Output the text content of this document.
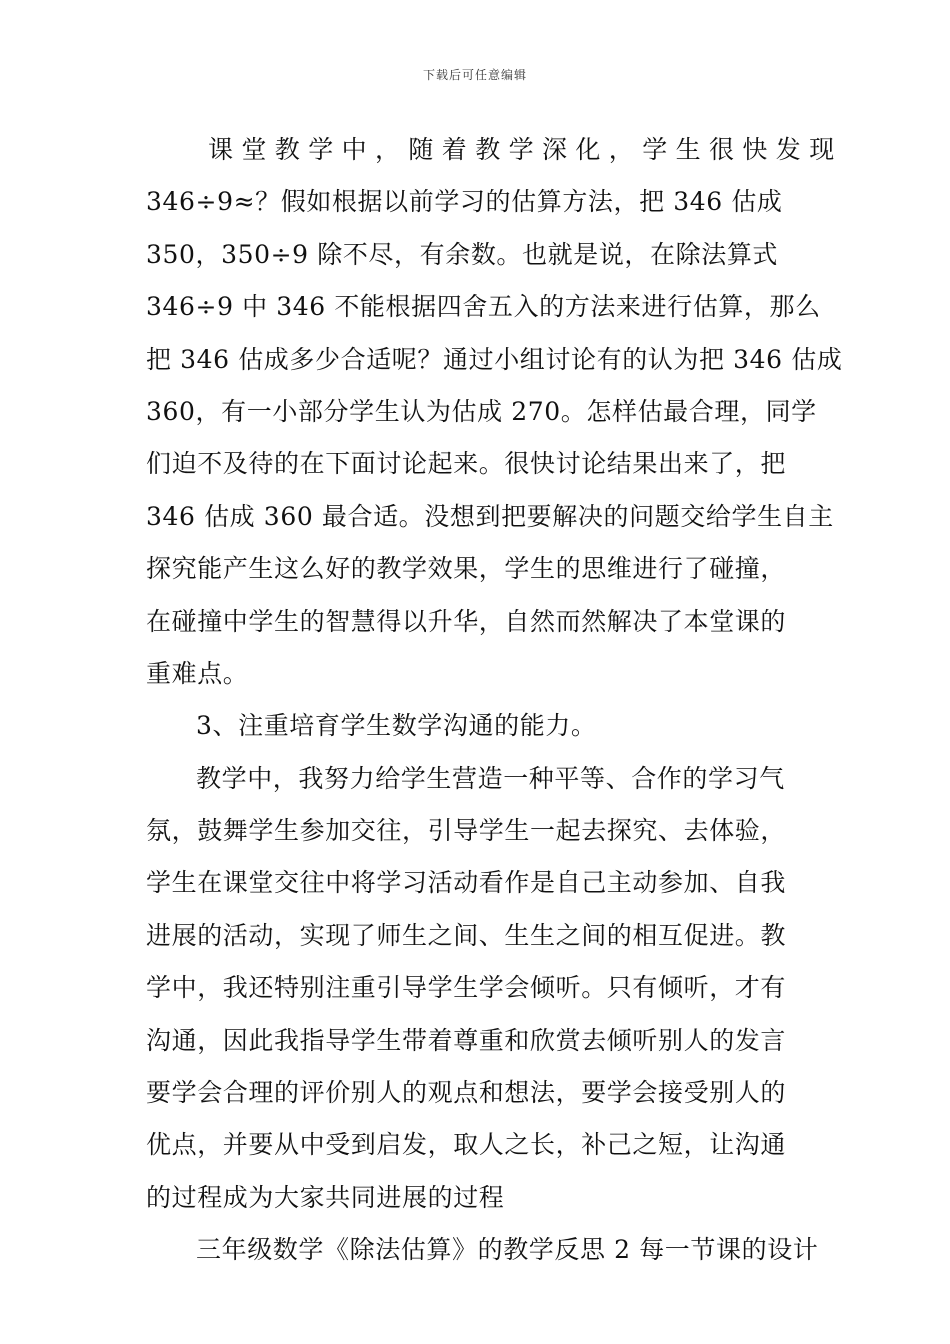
下载后可任意编辑
课堂教学中，随着教学深化，学生很快发现
346÷9≈？假如根据以前学习的估算方法，把 346 估成
350，350÷9 除不尽，有余数。也就是说，在除法算式
346÷9 中 346 不能根据四舍五入的方法来进行估算，那么
把 346 估成多少合适呢？通过小组讨论有的认为把 346 估成
360，有一小部分学生认为估成 270。怎样估最合理，同学
们迫不及待的在下面讨论起来。很快讨论结果出来了，把
346 估成 360 最合适。没想到把要解决的问题交给学生自主
探究能产生这么好的教学效果，学生的思维进行了碰撞，
在碰撞中学生的智慧得以升华，自然而然解决了本堂课的
重难点。
3、注重培育学生数学沟通的能力。
教学中，我努力给学生营造一种平等、合作的学习气
氛，鼓舞学生参加交往，引导学生一起去探究、去体验，
学生在课堂交往中将学习活动看作是自己主动参加、自我
进展的活动，实现了师生之间、生生之间的相互促进。教
学中，我还特别注重引导学生学会倾听。只有倾听，才有
沟通，因此我指导学生带着尊重和欣赏去倾听别人的发言
要学会合理的评价别人的观点和想法，要学会接受别人的
优点，并要从中受到启发，取人之长，补己之短，让沟通
的过程成为大家共同进展的过程
三年级数学《除法估算》的教学反思 2 每一节课的设计
